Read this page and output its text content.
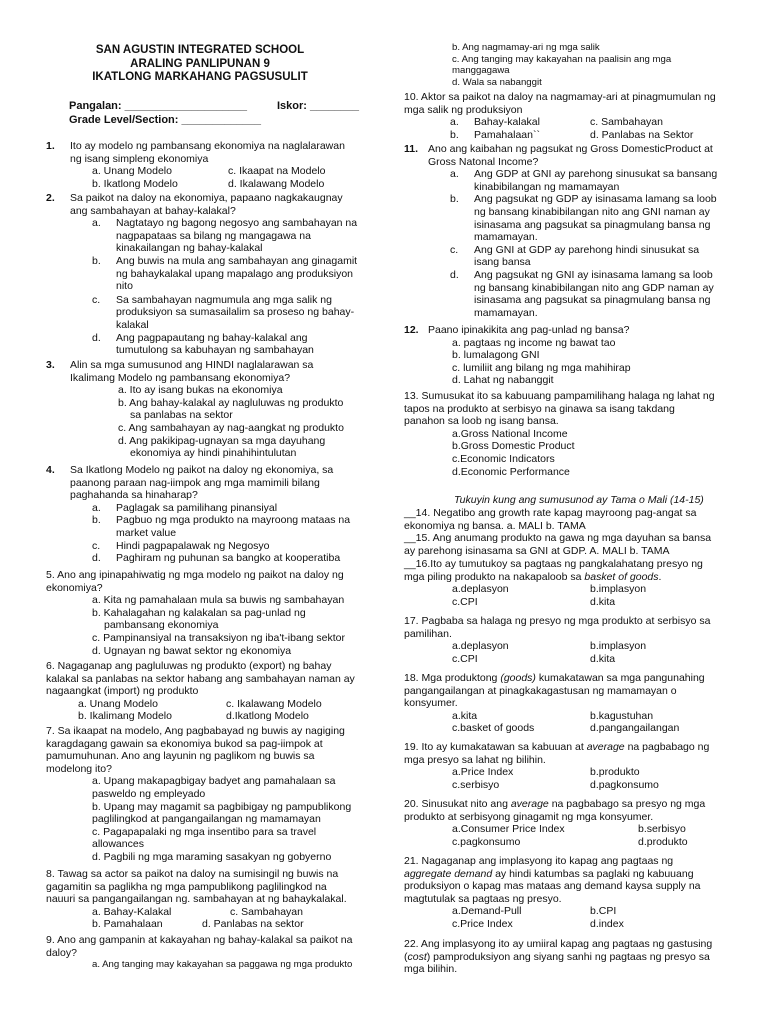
SAN AGUSTIN INTEGRATED SCHOOL
ARALING PANLIPUNAN 9
IKATLONG MARKAHANG PAGSUSULIT
Pangalan: ____________________	Iskor: ________
Grade Level/Section: _____________
1. Ito ay modelo ng pambansang ekonomiya na naglalarawan
ng isang simpleng ekonomiya
a. Unang Modelo	c. Ikaapat na Modelo
b. Ikatlong Modelo	d. Ikalawang Modelo
2. Sa paikot na daloy na ekonomiya, papaano nagkakaugnay
ang sambahayan at bahay-kalakal?
a. Nagtatayo ng bagong negosyo ang sambahayan na
nagpapataas sa bilang ng mangagawa na
kinakailangan ng bahay-kalakal
b. Ang buwis na mula ang sambahayan ang ginagamit
ng bahaykalakal upang mapalago ang produksiyon
nito
c. Sa sambahayan nagmumula ang mga salik ng
produksiyon sa sumasailalim sa proseso ng bahay-
kalakal
d. Ang pagpapautang ng bahay-kalakal ang
tumutulong sa kabuhayan ng sambahayan
3. Alin sa mga sumusunod ang HINDI naglalarawan sa
Ikalimang Modelo ng pambansang ekonomiya?
a. Ito ay isang bukas na ekonomiya
b. Ang bahay-kalakal ay nagluluwas ng produkto
sa panlabas na sektor
c. Ang sambahayan ay nag-aangkat ng produkto
d. Ang pakikipag-ugnayan sa mga dayuhang
ekonomiya ay hindi pinahihintulutan
4. Sa Ikatlong Modelo ng paikot na daloy ng ekonomiya, sa
paanong paraan nag-iimpok ang mga mamimili bilang
paghahanda sa hinaharap?
a. Paglagak sa pamilihang pinansiyal
b. Pagbuo ng mga produkto na mayroong mataas na
market value
c. Hindi pagpapalawak ng Negosyo
d. Paghiram ng puhunan sa bangko at kooperatiba
5. Ano ang ipinapahiwatig ng mga modelo ng paikot na daloy ng
ekonomiya?
a. Kita ng pamahalaan mula sa buwis ng sambahayan
b. Kahalagahan ng kalakalan sa pag-unlad ng
pambansang ekonomiya
c. Pampinansiyal na transaksiyon ng iba't-ibang sektor
d. Ugnayan ng bawat sektor ng ekonomiya
6. Nagaganap ang pagluluwas ng produkto (export) ng bahay
kalakal sa panlabas na sektor habang ang sambahayan naman ay
nagaangkat (import) ng produkto
a. Unang Modelo	c. Ikalawang Modelo
b. Ikalimang Modelo	d.Ikatlong Modelo
7. Sa ikaapat na modelo, Ang pagbabayad ng buwis ay nagiging
karagdagang gawain sa ekonomiya bukod sa pag-iimpok at
pamumuhunan. Ano ang layunin ng paglikom ng buwis sa
modelong ito?
a. Upang makapagbigay badyet ang pamahalaan sa
pasweldo ng empleyado
b. Upang may magamit sa pagbibigay ng pampublikong
paglilingkod at pangangailangan ng mamamayan
c. Pagapapalaki ng mga insentibo para sa travel
allowances
d. Pagbili ng mga maraming sasakyan ng gobyerno
8. Tawag sa actor sa paikot na daloy na sumisingil ng buwis na
gagamitin sa paglikha ng mga pampublikong paglilingkod na
nauuri sa pangangailangan ng. sambahayan at ng bahaykalakal.
a. Bahay-Kalakal	c. Sambahayan
b. Pamahalaan	d. Panlabas na sektor
9. Ano ang gampanin at kakayahan ng bahay-kalakal sa paikot na
daloy?
a. Ang tanging may kakayahan sa paggawa ng mga produkto
b. Ang nagmamay-ari ng mga salik
c. Ang tanging may kakayahan na paalisin ang mga
manggagawa
d. Wala sa nabanggit
10. Aktor sa paikot na daloy na nagmamay-ari at pinagmumulan ng
mga salik ng produksiyon
a. Bahay-kalakal	c. Sambahayan
b. Pamahalaan``	d. Panlabas na Sektor
11. Ano ang kaibahan ng pagsukat ng Gross DomesticProduct at
Gross Natonal Income?
a. Ang GDP at GNI ay parehong sinusukat sa bansang
kinabibilangan ng mamamayan
b. Ang pagsukat ng GDP ay isinasama lamang sa loob
ng bansang kinabibilangan nito ang GNI naman ay
isinasama ang pagsukat sa pinagmulang bansa ng
mamamayan.
c. Ang GNI at GDP ay parehong hindi sinusukat sa
isang bansa
d. Ang pagsukat ng GNI ay isinasama lamang sa loob
ng bansang kinabibilangan nito ang GDP naman ay
isinasama ang pagsukat sa pinagmulang bansa ng
mamamayan.
12. Paano ipinakikita ang pag-unlad ng bansa?
a. pagtaas ng income ng bawat tao
b. lumalagong GNI
c. lumiliit ang bilang ng mga mahihirap
d. Lahat ng nabanggit
13. Sumusukat ito sa kabuuang pampamilihang halaga ng lahat ng
tapos na produkto at serbisyo na ginawa sa isang takdang
panahon sa loob ng isang bansa.
a.Gross National Income
b.Gross Domestic Product
c.Economic Indicators
d.Economic Performance
Tukuyin kung ang sumusunod ay Tama o Mali (14-15)
__14. Negatibo ang growth rate kapag mayroong pag-angat sa
ekonomiya ng bansa. a. MALI b. TAMA
__15. Ang anumang produkto na gawa ng mga dayuhan sa bansa
ay parehong isinasama sa GNI at GDP. A. MALI b. TAMA
__16.Ito ay tumutukoy sa pagtaas ng pangkalahatang presyo ng
mga piling produkto na nakapaloob sa basket of goods.
a.deplasyon	b.implasyon
c.CPI	d.kita
17. Pagbaba sa halaga ng presyo ng mga produkto at serbisyo sa
pamilihan.
a.deplasyon	b.implasyon
c.CPI	d.kita
18. Mga produktong (goods) kumakatawan sa mga pangunahing
pangangailangan at pinagkakagastusan ng mamamayan o
konsyumer.
a.kita	b.kagustuhan
c.basket of goods	d.pangangailangan
19. Ito ay kumakatawan sa kabuuan at average na pagbabago ng
mga presyo sa lahat ng bilihin.
a.Price Index	b.produkto
c.serbisyo	d.pagkonsumo
20. Sinusukat nito ang average na pagbabago sa presyo ng mga
produkto at serbisyong ginagamit ng mga konsyumer.
a.Consumer Price Index	b.serbisyo
c.pagkonsumo	d.produkto
21. Nagaganap ang implasyong ito kapag ang pagtaas ng
aggregate demand ay hindi katumbas sa paglaki ng kabuuang
produksiyon o kapag mas mataas ang demand kaysa supply na
magtutulak sa pagtaas ng presyo.
a.Demand-Pull	b.CPI
c.Price Index	d.index
22. Ang implasyong ito ay umiiral kapag ang pagtaas ng gastusing
(cost) pamproduksiyon ang siyang sanhi ng pagtaas ng presyo sa
mga bilihin.
